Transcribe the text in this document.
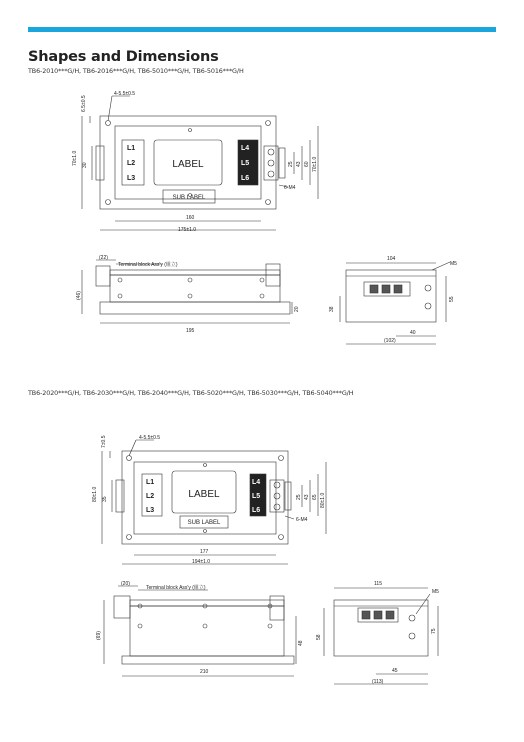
Shapes and Dimensions

TB6-2010***G/H, TB6-2016***G/H, TB6-5010***G/H, TB6-5016***G/H

TB6-2020***G/H, TB6-2030***G/H, TB6-2040***G/H, TB6-5020***G/H, TB6-5030***G/H, TB6-5040***G/H

4-5.5±0.5
6.5±0.5
70±1.0 30	25 43 60 70±1.0
6-M4
160
175±1.0
LABEL
SUB LABEL
L1
L2
L3
L4
L5
L6
(22)
Terminal block Ass'y (組立)
(46)
20
195
104
M5
38
55
40
(102)
4-5.5±0.5
7±0.5
80±1.0 35	25 43 65 80±1.0
6-M4
177
194±1.0
LABEL
SUB LABEL
L1
L2
L3
L4
L5
L6
(20)
Terminal block Ass'y (組立)
(69)
48
210
115
M5
58
75
45
(113)
